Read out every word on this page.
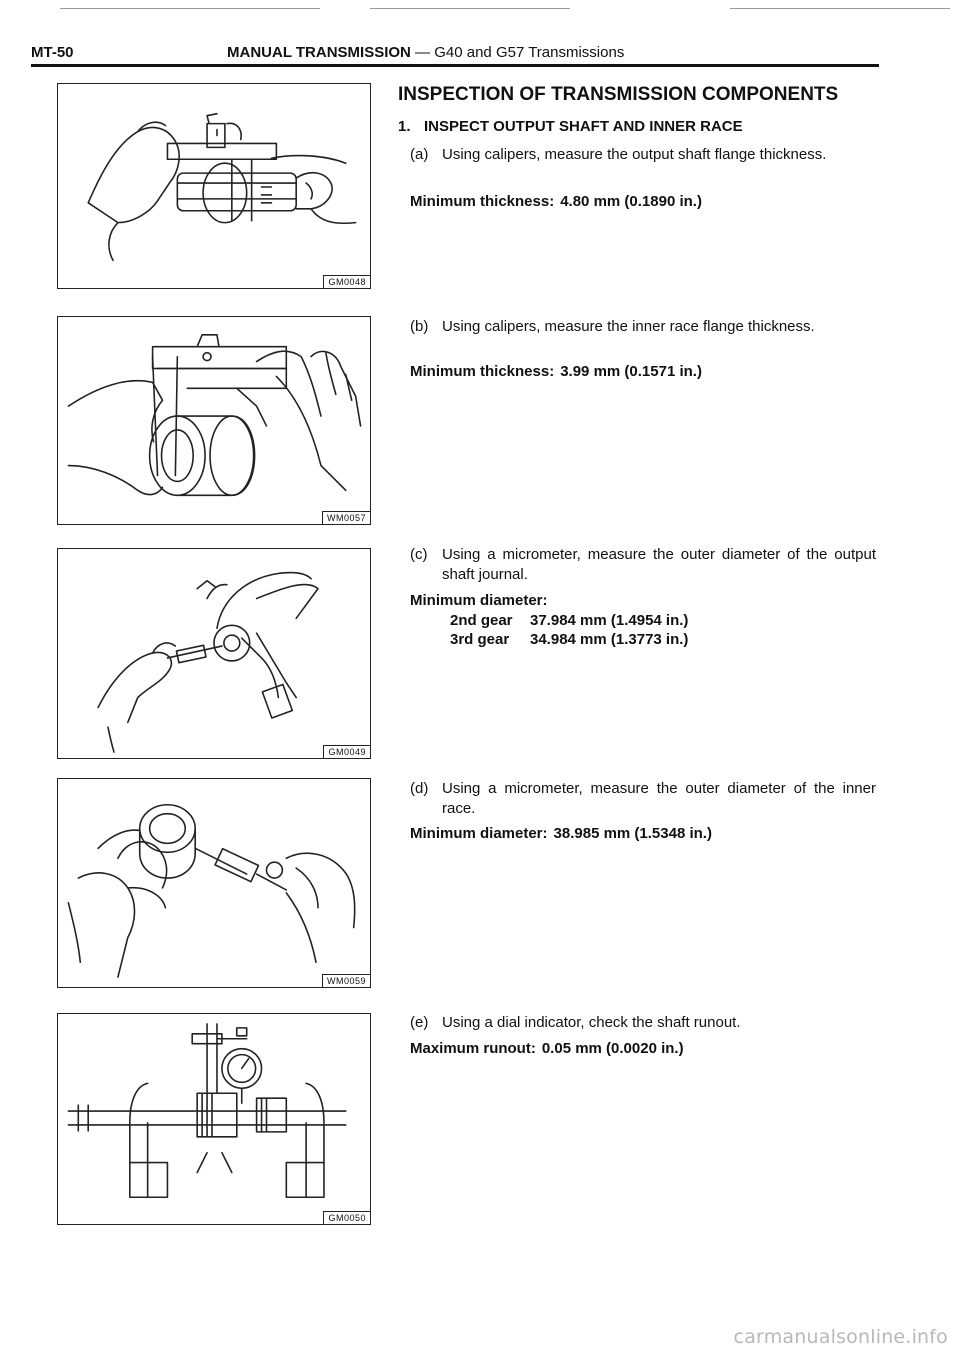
MT-50	MANUAL TRANSMISSION — G40 and G57 Transmissions
GM0048
WM0057
GM0049
WM0059
GM0050
INSPECTION OF TRANSMISSION COMPONENTS
1. INSPECT OUTPUT SHAFT AND INNER RACE
(a) Using calipers, measure the output shaft flange thickness.
Minimum thickness: 4.80 mm (0.1890 in.)
(b) Using calipers, measure the inner race flange thickness.
Minimum thickness: 3.99 mm (0.1571 in.)
(c) Using a micrometer, measure the outer diameter of the output shaft journal.
Minimum diameter:
2nd gear 37.984 mm (1.4954 in.)
3rd gear 34.984 mm (1.3773 in.)
(d) Using a micrometer, measure the outer diameter of the inner race.
Minimum diameter: 38.985 mm (1.5348 in.)
(e) Using a dial indicator, check the shaft runout.
Maximum runout: 0.05 mm (0.0020 in.)
carmanualsonline.info
